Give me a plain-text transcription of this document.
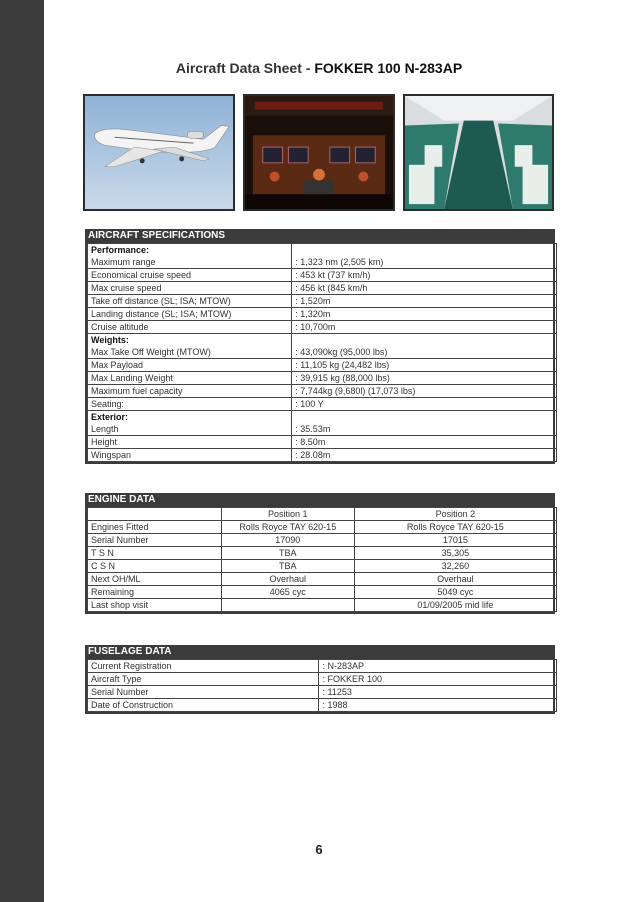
Aircraft Data Sheet - FOKKER 100 N-283AP
AIRCRAFT SPECIFICATIONS
Performance:	
Maximum range	: 1,323 nm (2,505 km)
Economical cruise speed	: 453 kt (737 km/h)
Max cruise speed	: 456 kt (845 km/h
Take off distance (SL; ISA; MTOW)	: 1,520m
Landing distance (SL; ISA; MTOW)	: 1,320m
Cruise altitude	: 10,700m
Weights:	
Max Take Off Weight (MTOW)	: 43,090kg (95,000 lbs)
Max Payload	: 11,105 kg (24,482 lbs)
Max Landing Weight	: 39,915 kg (88,000 lbs)
Maximum fuel capacity	: 7,744kg (9,680l) (17,073 lbs)
Seating:	: 100 Y
Exterior:	
Length	: 35.53m
Height	: 8.50m
Wingspan	: 28.08m
ENGINE DATA
	Position 1	Position 2
Engines Fitted	Rolls Royce TAY 620-15	Rolls Royce TAY 620-15
Serial Number	17090	17015
T S N	TBA	35,305
C S N	TBA	32,260
Next OH/ML	Overhaul	Overhaul
Remaining	4065 cyc	5049 cyc
Last shop visit		01/09/2005 mid life
FUSELAGE DATA
Current Registration	: N-283AP
Aircraft Type	: FOKKER 100
Serial Number	: 11253
Date of Construction	: 1988
6
